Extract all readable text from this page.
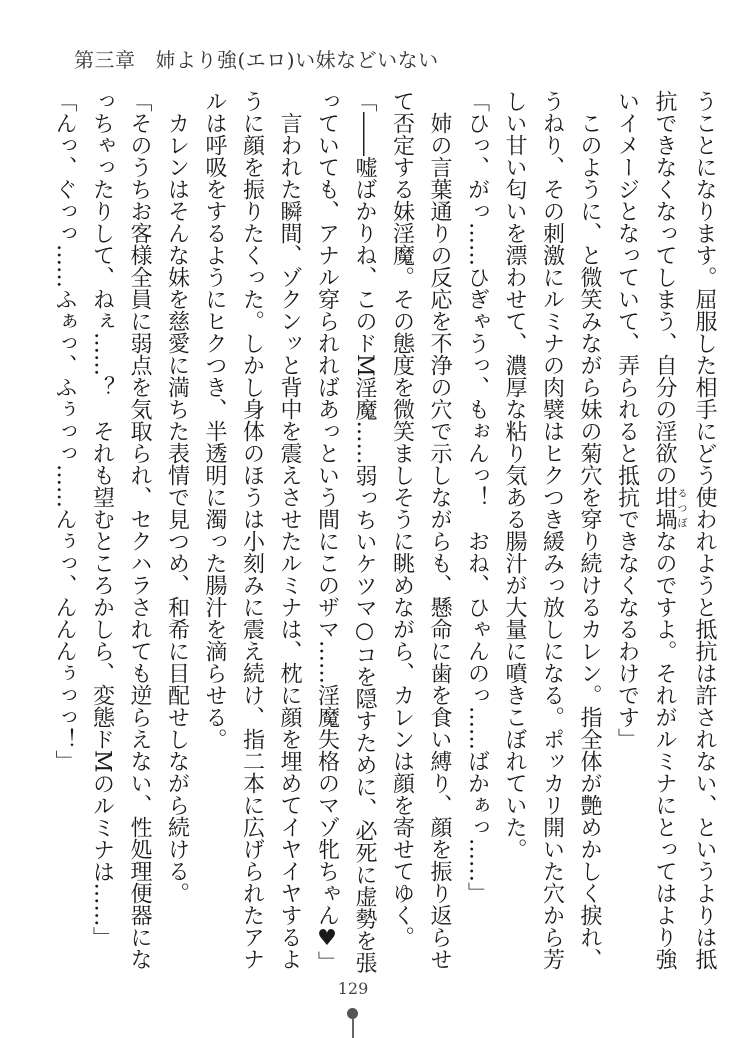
第三章 姉より強(エロ)い妹などいない
うことになります。屈服した相手にどう使われようと抵抗は許されない、というよりは抵
抗できなくなってしまう、自分の淫欲の坩堝るつぼなのですよ。それがルミナにとってはより強
いイメージとなっていて、弄られると抵抗できなくなるわけです」
　このように、と微笑みながら妹の菊穴を穿り続けるカレン。指全体が艶めかしく捩れ、
うねり、その刺激にルミナの肉襞はヒクつき緩みっ放しになる。ポッカリ開いた穴から芳
しい甘い匂いを漂わせて、濃厚な粘り気ある腸汁が大量に噴きこぼれていた。
「ひっ、がっ……ひぎゃうっ、もぉんっ！　おね、ひゃんのっ……ばかぁっ……」
　姉の言葉通りの反応を不浄の穴で示しながらも、懸命に歯を食い縛り、顔を振り返らせ
て否定する妹淫魔。その態度を微笑ましそうに眺めながら、カレンは顔を寄せてゆく。
「――嘘ばかりね、このドM淫魔……弱っちいケツマ○コを隠すために、必死に虚勢を張
っていても、アナル穿られればあっという間にこのザマ……淫魔失格のマゾ牝ちゃん♥」
　言われた瞬間、ゾクンッと背中を震えさせたルミナは、枕に顔を埋めてイヤイヤするよ
うに顔を振りたくった。しかし身体のほうは小刻みに震え続け、指二本に広げられたアナ
ルは呼吸をするようにヒクつき、半透明に濁った腸汁を滴らせる。
　カレンはそんな妹を慈愛に満ちた表情で見つめ、和希に目配せしながら続ける。
「そのうちお客様全員に弱点を気取られ、セクハラされても逆らえない、性処理便器にな
っちゃったりして、ねぇ……？　それも望むところかしら、変態ドMのルミナは……」
「んっ、ぐっっ……ふぁっ、ふぅっっ……んぅっ、んんんぅっっ！」
129
